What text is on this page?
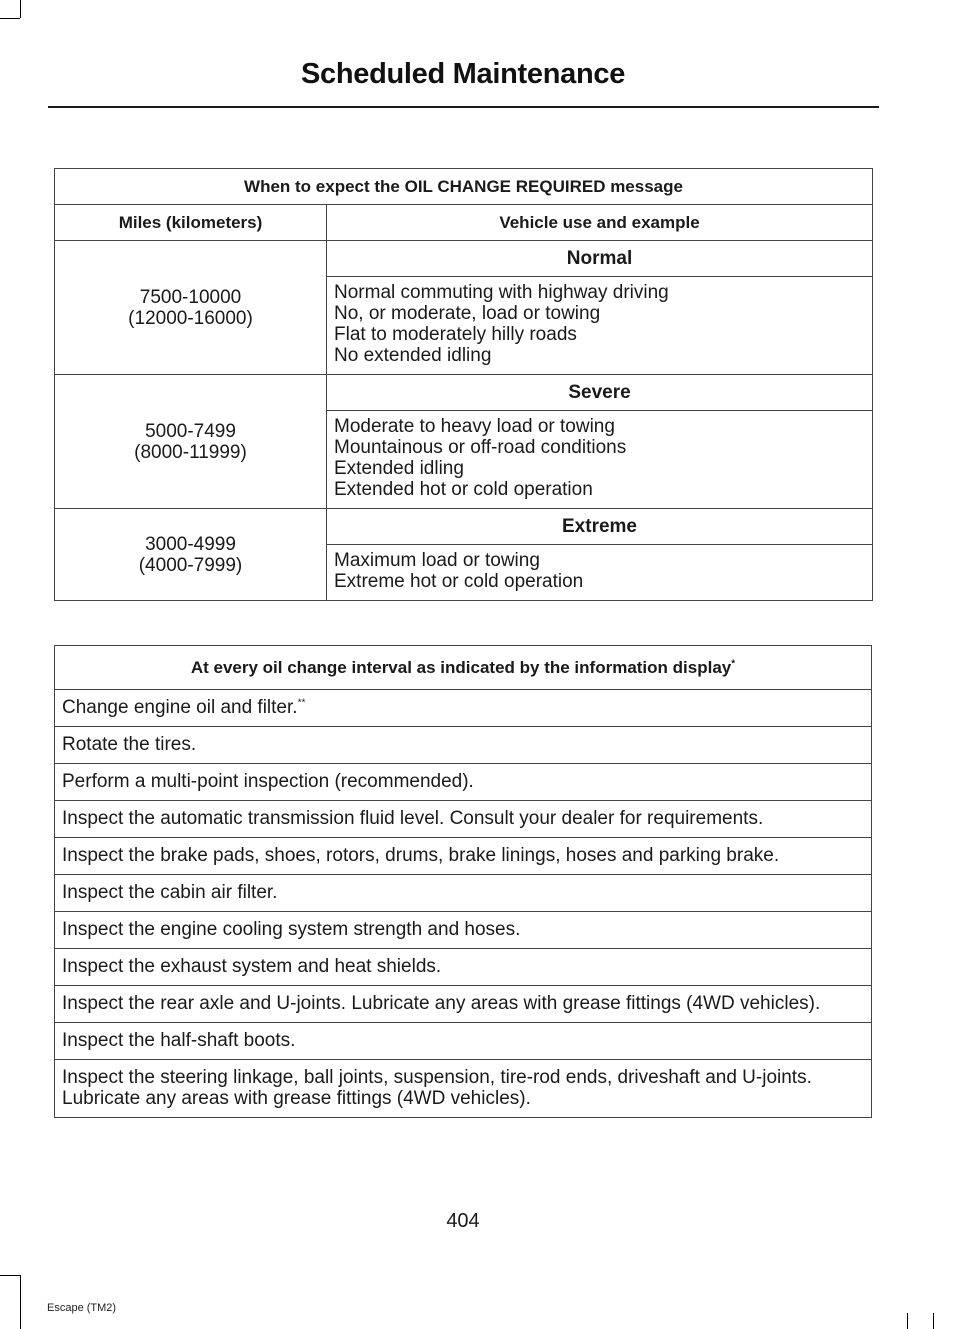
Scheduled Maintenance
When to expect the OIL CHANGE REQUIRED message	
Miles (kilometers)	Vehicle use and example

7500-10000
(12000-16000)	Normal

	Normal commuting with highway driving
No, or moderate, load or towing
Flat to moderately hilly roads
No extended idling

5000-7499
(8000-11999)	Severe

	Moderate to heavy load or towing
Mountainous or off-road conditions
Extended idling
Extended hot or cold operation

3000-4999
(4000-7999)	Extreme

	Maximum load or towing
Extreme hot or cold operation
At every oil change interval as indicated by the information display*
Change engine oil and filter.**
Rotate the tires.
Perform a multi-point inspection (recommended).
Inspect the automatic transmission fluid level. Consult your dealer for requirements.
Inspect the brake pads, shoes, rotors, drums, brake linings, hoses and parking brake.
Inspect the cabin air filter.
Inspect the engine cooling system strength and hoses.
Inspect the exhaust system and heat shields.
Inspect the rear axle and U-joints. Lubricate any areas with grease fittings (4WD vehicles).
Inspect the half-shaft boots.
Inspect the steering linkage, ball joints, suspension, tire-rod ends, driveshaft and U-joints. Lubricate any areas with grease fittings (4WD vehicles).
404
Escape (TM2)
